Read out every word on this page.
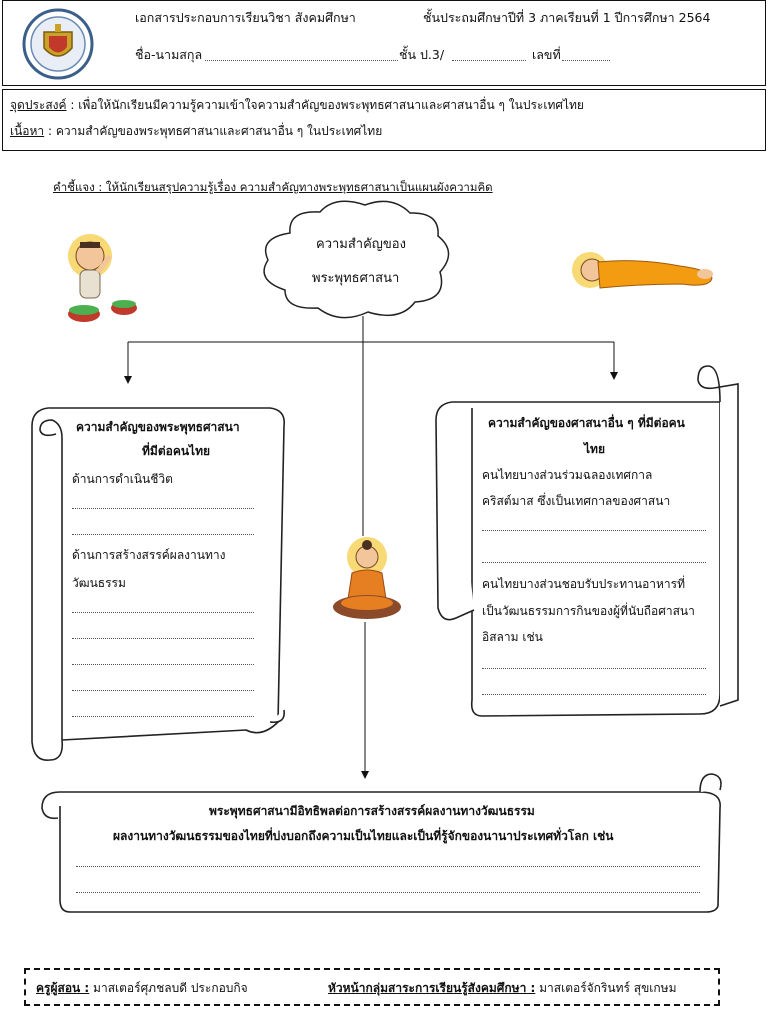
เอกสารประกอบการเรียนวิชา สังคมศึกษา	ชั้นประถมศึกษาปีที่ 3 ภาคเรียนที่ 1 ปีการศึกษา 2564
ชื่อ-นามสกุล	ชั้น ป.3/	เลขที่
จุดประสงค์ : เพื่อให้นักเรียนมีความรู้ความเข้าใจความสำคัญของพระพุทธศาสนาและศาสนาอื่น ๆ ในประเทศไทย
เนื้อหา : ความสำคัญของพระพุทธศาสนาและศาสนาอื่น ๆ ในประเทศไทย
คำชี้แจง : ให้นักเรียนสรุปความรู้เรื่อง ความสำคัญทางพระพุทธศาสนาเป็นแผนผังความคิด
ความสำคัญของ
พระพุทธศาสนา
ความสำคัญของพระพุทธศาสนา
ที่มีต่อคนไทย
ด้านการดำเนินชีวิต
ด้านการสร้างสรรค์ผลงานทาง
วัฒนธรรม
ความสำคัญของศาสนาอื่น ๆ ที่มีต่อคน
ไทย
คนไทยบางส่วนร่วมฉลองเทศกาล
คริสต์มาส ซึ่งเป็นเทศกาลของศาสนา
คนไทยบางส่วนชอบรับประทานอาหารที่
เป็นวัฒนธรรมการกินของผู้ที่นับถือศาสนา
อิสลาม เช่น
พระพุทธศาสนามีอิทธิพลต่อการสร้างสรรค์ผลงานทางวัฒนธรรม
ผลงานทางวัฒนธรรมของไทยที่บ่งบอกถึงความเป็นไทยและเป็นที่รู้จักของนานาประเทศทั่วโลก เช่น
ครูผู้สอน : มาสเตอร์ศุภชลบดี ประกอบกิจ	หัวหน้ากลุ่มสาระการเรียนรู้สังคมศึกษา : มาสเตอร์จักรินทร์ สุขเกษม
